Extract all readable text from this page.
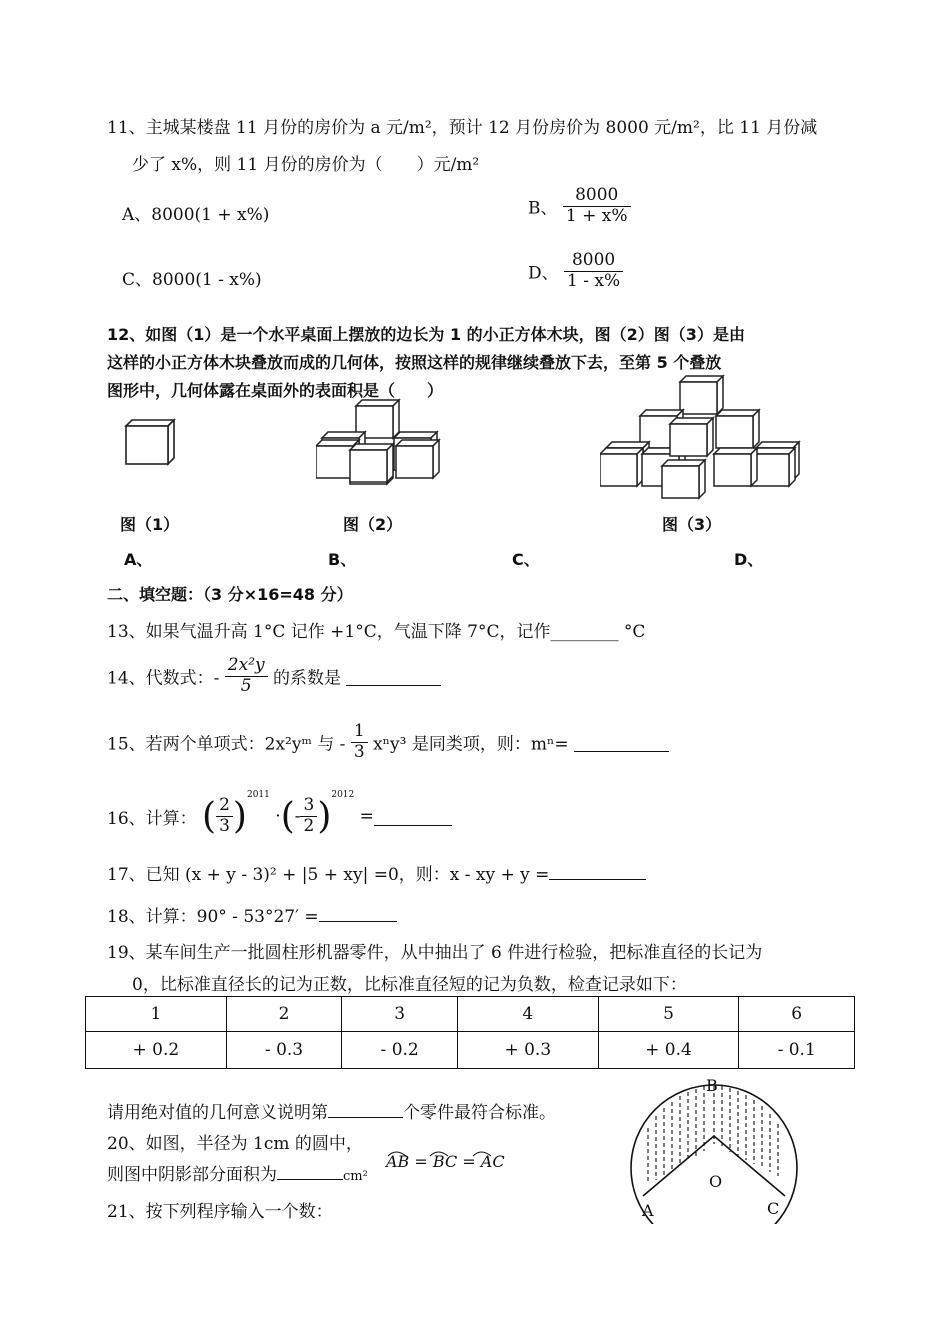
11、主城某楼盘 11 月份的房价为 a 元/m²，预计 12 月份房价为 8000 元/m²，比 11 月份减
少了 x%，则 11 月份的房价为（　　）元/m²
A、8000(1 + x%)	B、 $\frac{8000}{1 + x\%}$
C、8000(1 - x%)	D、 $\frac{8000}{1 - x\%}$
12、如图（1）是一个水平桌面上摆放的边长为 1 的小正方体木块，图（2）图（3）是由
这样的小正方体木块叠放而成的几何体，按照这样的规律继续叠放下去，至第 5 个叠放
图形中，几何体露在桌面外的表面积是（　　）
图（1）	图（2）	图（3）
A、	B、	C、	D、
二、填空题：（3 分×16=48 分）
13、如果气温升高 1°C 记作 +1°C，气温下降 7°C，记作________ °C
14、代数式：- $\frac{\text{2x²y}}{5}$ 的系数是
15、若两个单项式：2x²yᵐ 与 - $\frac{1}{3} x^ny^3$ 是同类项，则：mⁿ=
16、计算： ( $\frac{2}{3} )^{2011}$ ·(- $\frac{3}{2} )^{2012}$ =
17、已知 (x + y - 3)² + |5 + xy| =0，则：x - xy + y =
18、计算：90° - 53°27′ =
19、某车间生产一批圆柱形机器零件，从中抽出了 6 件进行检验，把标准直径的长记为
0，比标准直径长的记为正数，比标准直径短的记为负数，检查记录如下：
1	2	3	4	5	6
+ 0.2	- 0.3	- 0.2	+ 0.3	+ 0.4	- 0.1
请用绝对值的几何意义说明第	个零件最符合标准。
20、如图，半径为 1cm 的圆中，
则图中阴影部分面积为	cm²
AB = BC = AC
21、按下列程序输入一个数：
B
O
A	C
